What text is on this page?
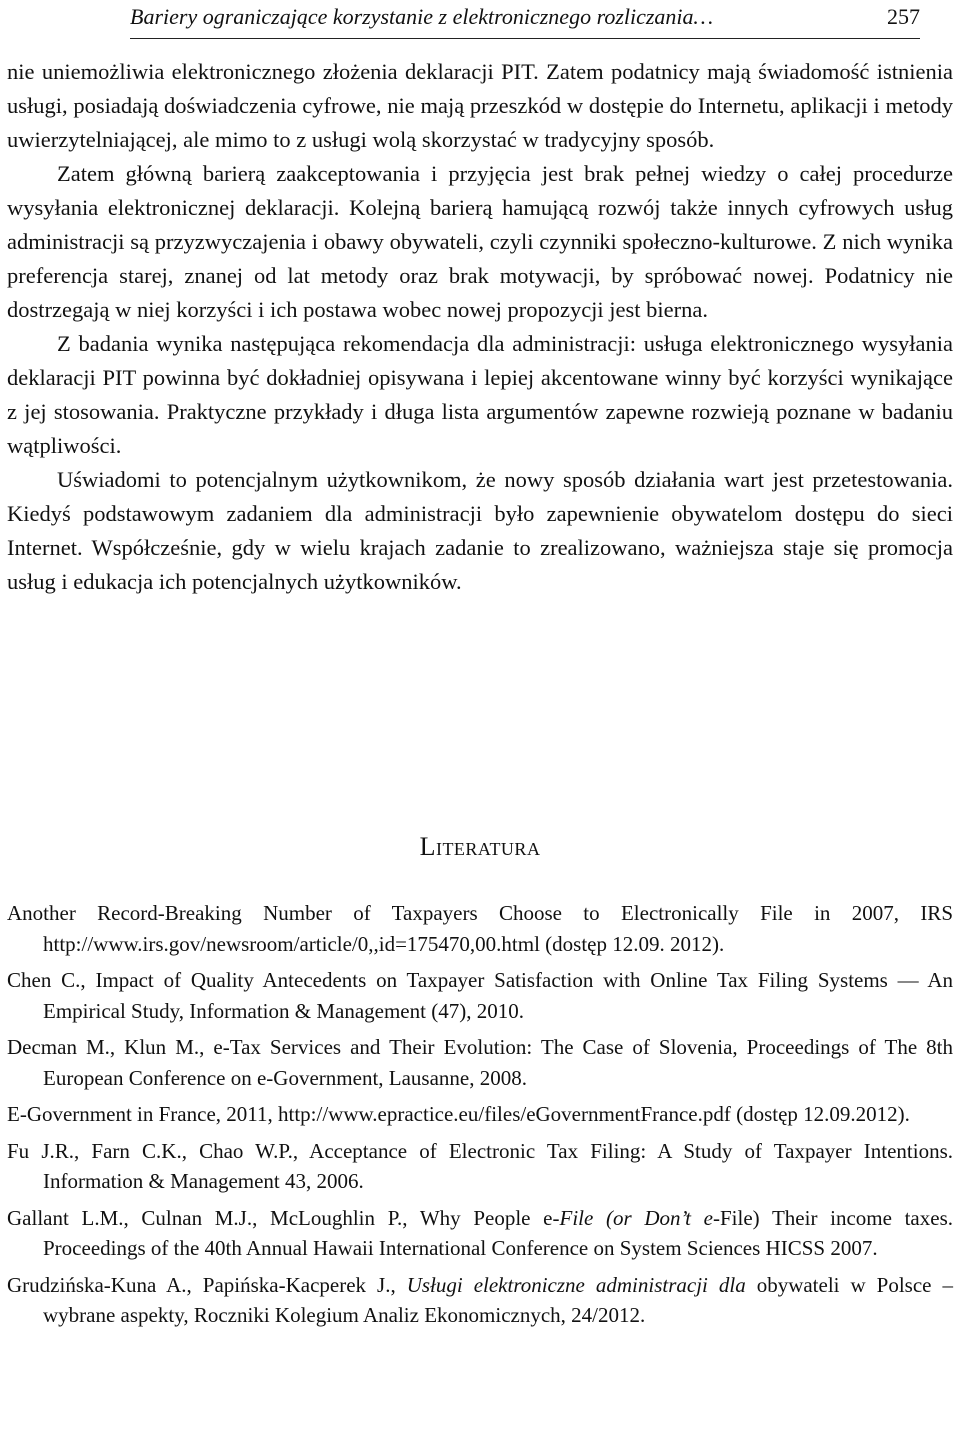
Bariery ograniczające korzystanie z elektronicznego rozliczania…	257

nie uniemożliwia elektronicznego złożenia deklaracji PIT. Zatem podatnicy mają świadomość istnienia usługi, posiadają doświadczenia cyfrowe, nie mają przeszkód w dostępie do Internetu, aplikacji i metody uwierzytelniającej, ale mimo to z usługi wolą skorzystać w tradycyjny sposób.

Zatem główną barierą zaakceptowania i przyjęcia jest brak pełnej wiedzy o całej procedurze wysyłania elektronicznej deklaracji. Kolejną barierą hamującą rozwój także innych cyfrowych usług administracji są przyzwyczajenia i obawy obywateli, czyli czynniki społeczno-kulturowe. Z nich wynika preferencja starej, znanej od lat metody oraz brak motywacji, by spróbować nowej. Podatnicy nie dostrzegają w niej korzyści i ich postawa wobec nowej propozycji jest bierna.

Z badania wynika następująca rekomendacja dla administracji: usługa elektronicznego wysyłania deklaracji PIT powinna być dokładniej opisywana i lepiej akcentowane winny być korzyści wynikające z jej stosowania. Praktyczne przykłady i długa lista argumentów zapewne rozwieją poznane w badaniu wątpliwości.

Uświadomi to potencjalnym użytkownikom, że nowy sposób działania wart jest przetestowania. Kiedyś podstawowym zadaniem dla administracji było zapewnienie obywatelom dostępu do sieci Internet. Współcześnie, gdy w wielu krajach zadanie to zrealizowano, ważniejsza staje się promocja usług i edukacja ich potencjalnych użytkowników.

Literatura

Another Record-Breaking Number of Taxpayers Choose to Electronically File in 2007, IRS http://www.irs.gov/newsroom/article/0,,id=175470,00.html (dostęp 12.09. 2012).

Chen C., Impact of Quality Antecedents on Taxpayer Satisfaction with Online Tax Filing Systems — An Empirical Study, Information & Management (47), 2010.

Decman M., Klun M., e-Tax Services and Their Evolution: The Case of Slovenia, Proceedings of The 8th European Conference on e-Government, Lausanne, 2008.

E-Government in France, 2011, http://www.epractice.eu/files/eGovernmentFrance.pdf (dostęp 12.09.2012).

Fu J.R., Farn C.K., Chao W.P., Acceptance of Electronic Tax Filing: A Study of Taxpayer Intentions. Information & Management 43, 2006.

Gallant L.M., Culnan M.J., McLoughlin P., Why People e-File (or Don’t e-File) Their income taxes. Proceedings of the 40th Annual Hawaii International Conference on System Sciences HICSS 2007.

Grudzińska-Kuna A., Papińska-Kacperek J., Usługi elektroniczne administracji dla obywateli w Polsce – wybrane aspekty, Roczniki Kolegium Analiz Ekonomicznych, 24/2012.
